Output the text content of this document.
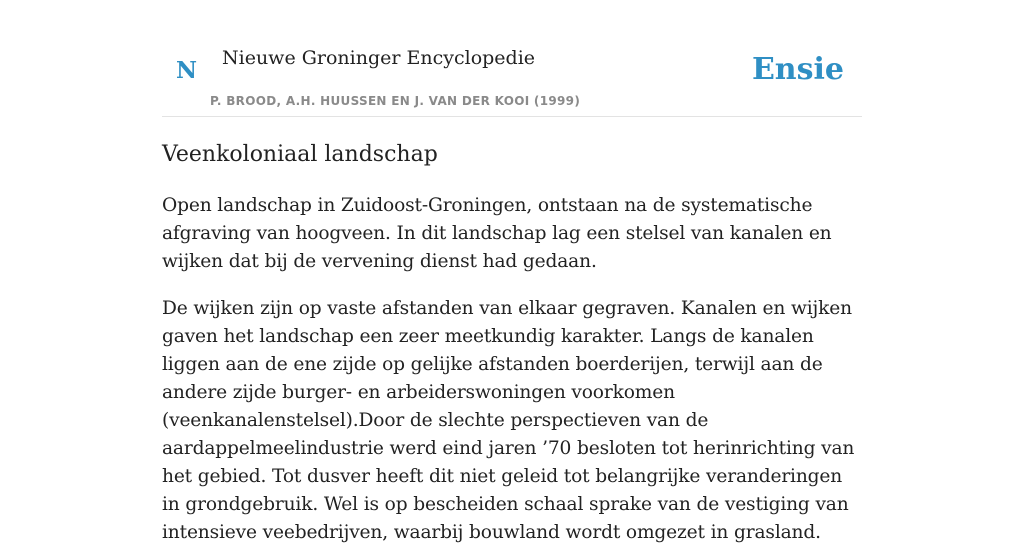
N Nieuwe Groninger Encyclopedie
P. BROOD, A.H. HUUSSEN EN J. VAN DER KOOI (1999)
Ensie
Veenkoloniaal landschap

Open landschap in Zuidoost-Groningen, ontstaan na de systematische afgraving van hoogveen. In dit landschap lag een stelsel van kanalen en wijken dat bij de vervening dienst had gedaan.

De wijken zijn op vaste afstanden van elkaar gegraven. Kanalen en wijken gaven het landschap een zeer meetkundig karakter. Langs de kanalen liggen aan de ene zijde op gelijke afstanden boerderijen, terwijl aan de andere zijde burger- en arbeiderswoningen voorkomen (veenkanalenstelsel).Door de slechte perspectieven van de aardappelmeelindustrie werd eind jaren ’70 besloten tot herinrichting van het gebied. Tot dusver heeft dit niet geleid tot belangrijke veranderingen in grondgebruik. Wel is op bescheiden schaal sprake van de vestiging van intensieve veebedrijven, waarbij bouwland wordt omgezet in grasland.
